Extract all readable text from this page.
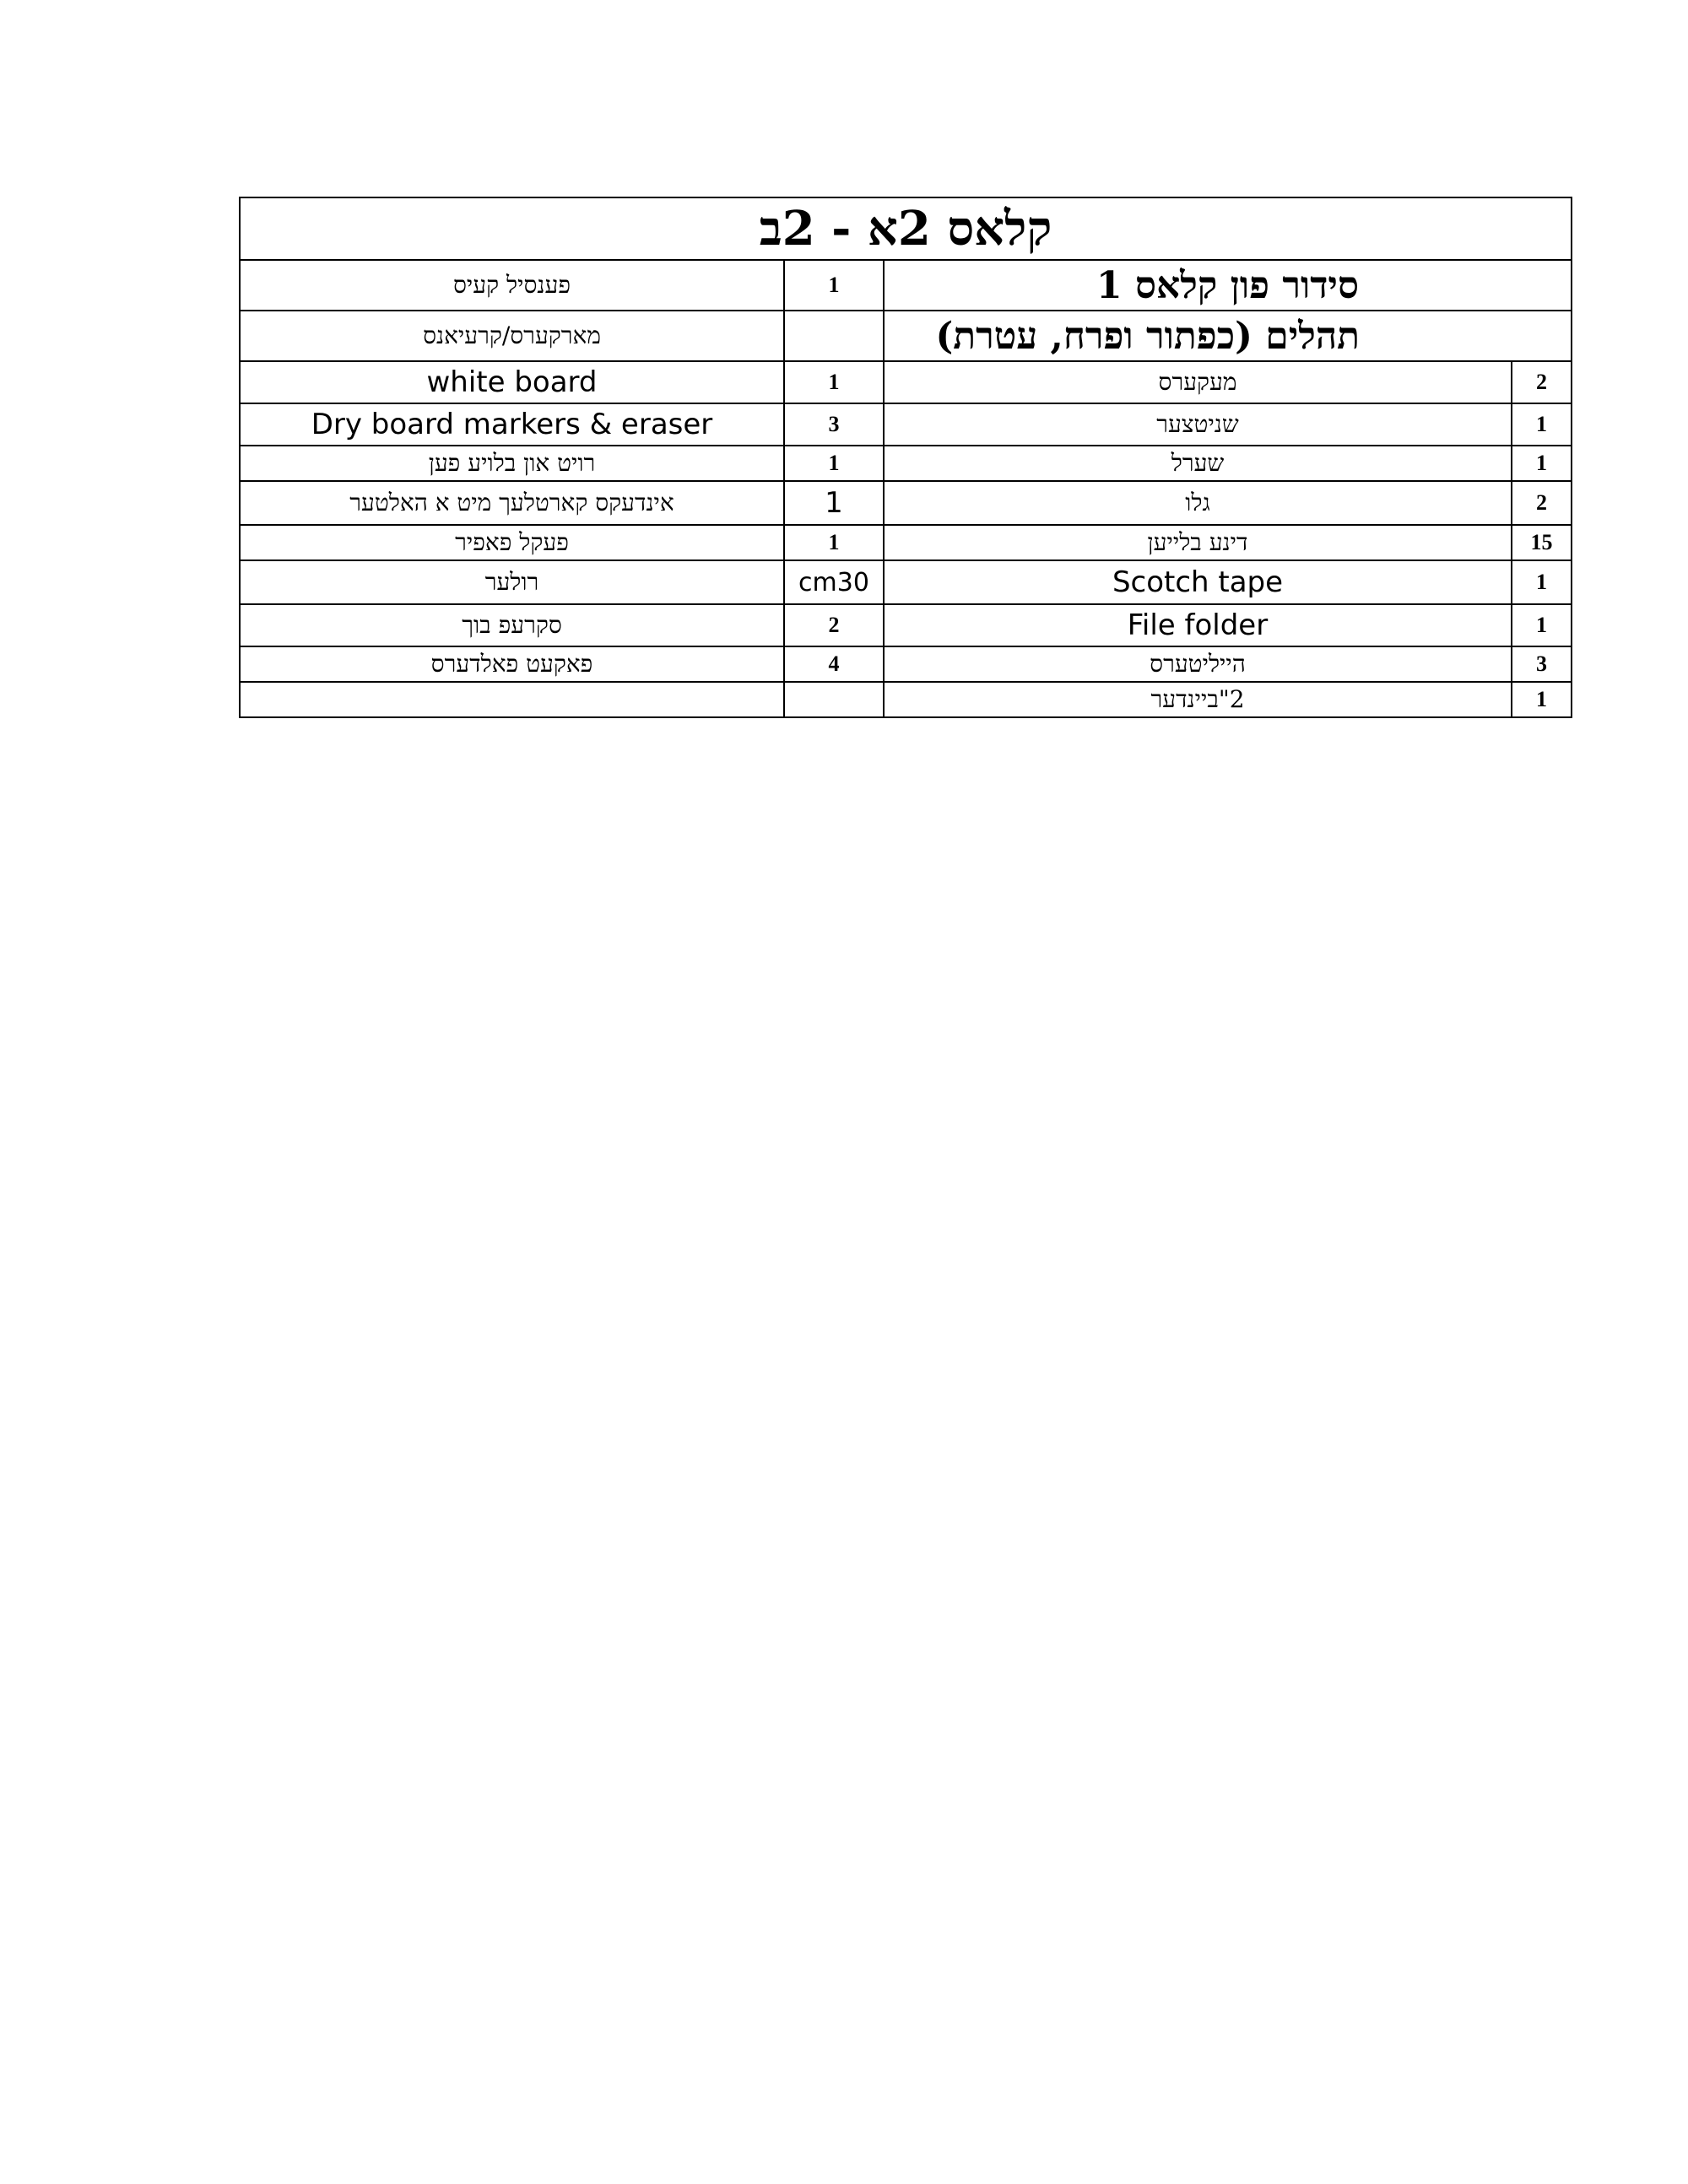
קלאס 2א - 2ב			
פענסיל קעיס	1	סידור פון קלאס 1	
מארקערס/קרעיאנס		תהלים (כפתור ופרח, עטרת)	
white board	1	מעקערס	2
Dry board markers & eraser	3	שניטצער	1
רויט און בלויע פען	1	שערל	1
אינדעקס קארטלעך מיט א האלטער	1	גלו	2
פעקל פאפיר	1	דינע בלייען	15
רולער	cm30	Scotch tape	1
סקרעפ בוך	2	File folder	1
פאקעט פאלדערס	4	הייליטערס	3
		2"ביינדער	1
